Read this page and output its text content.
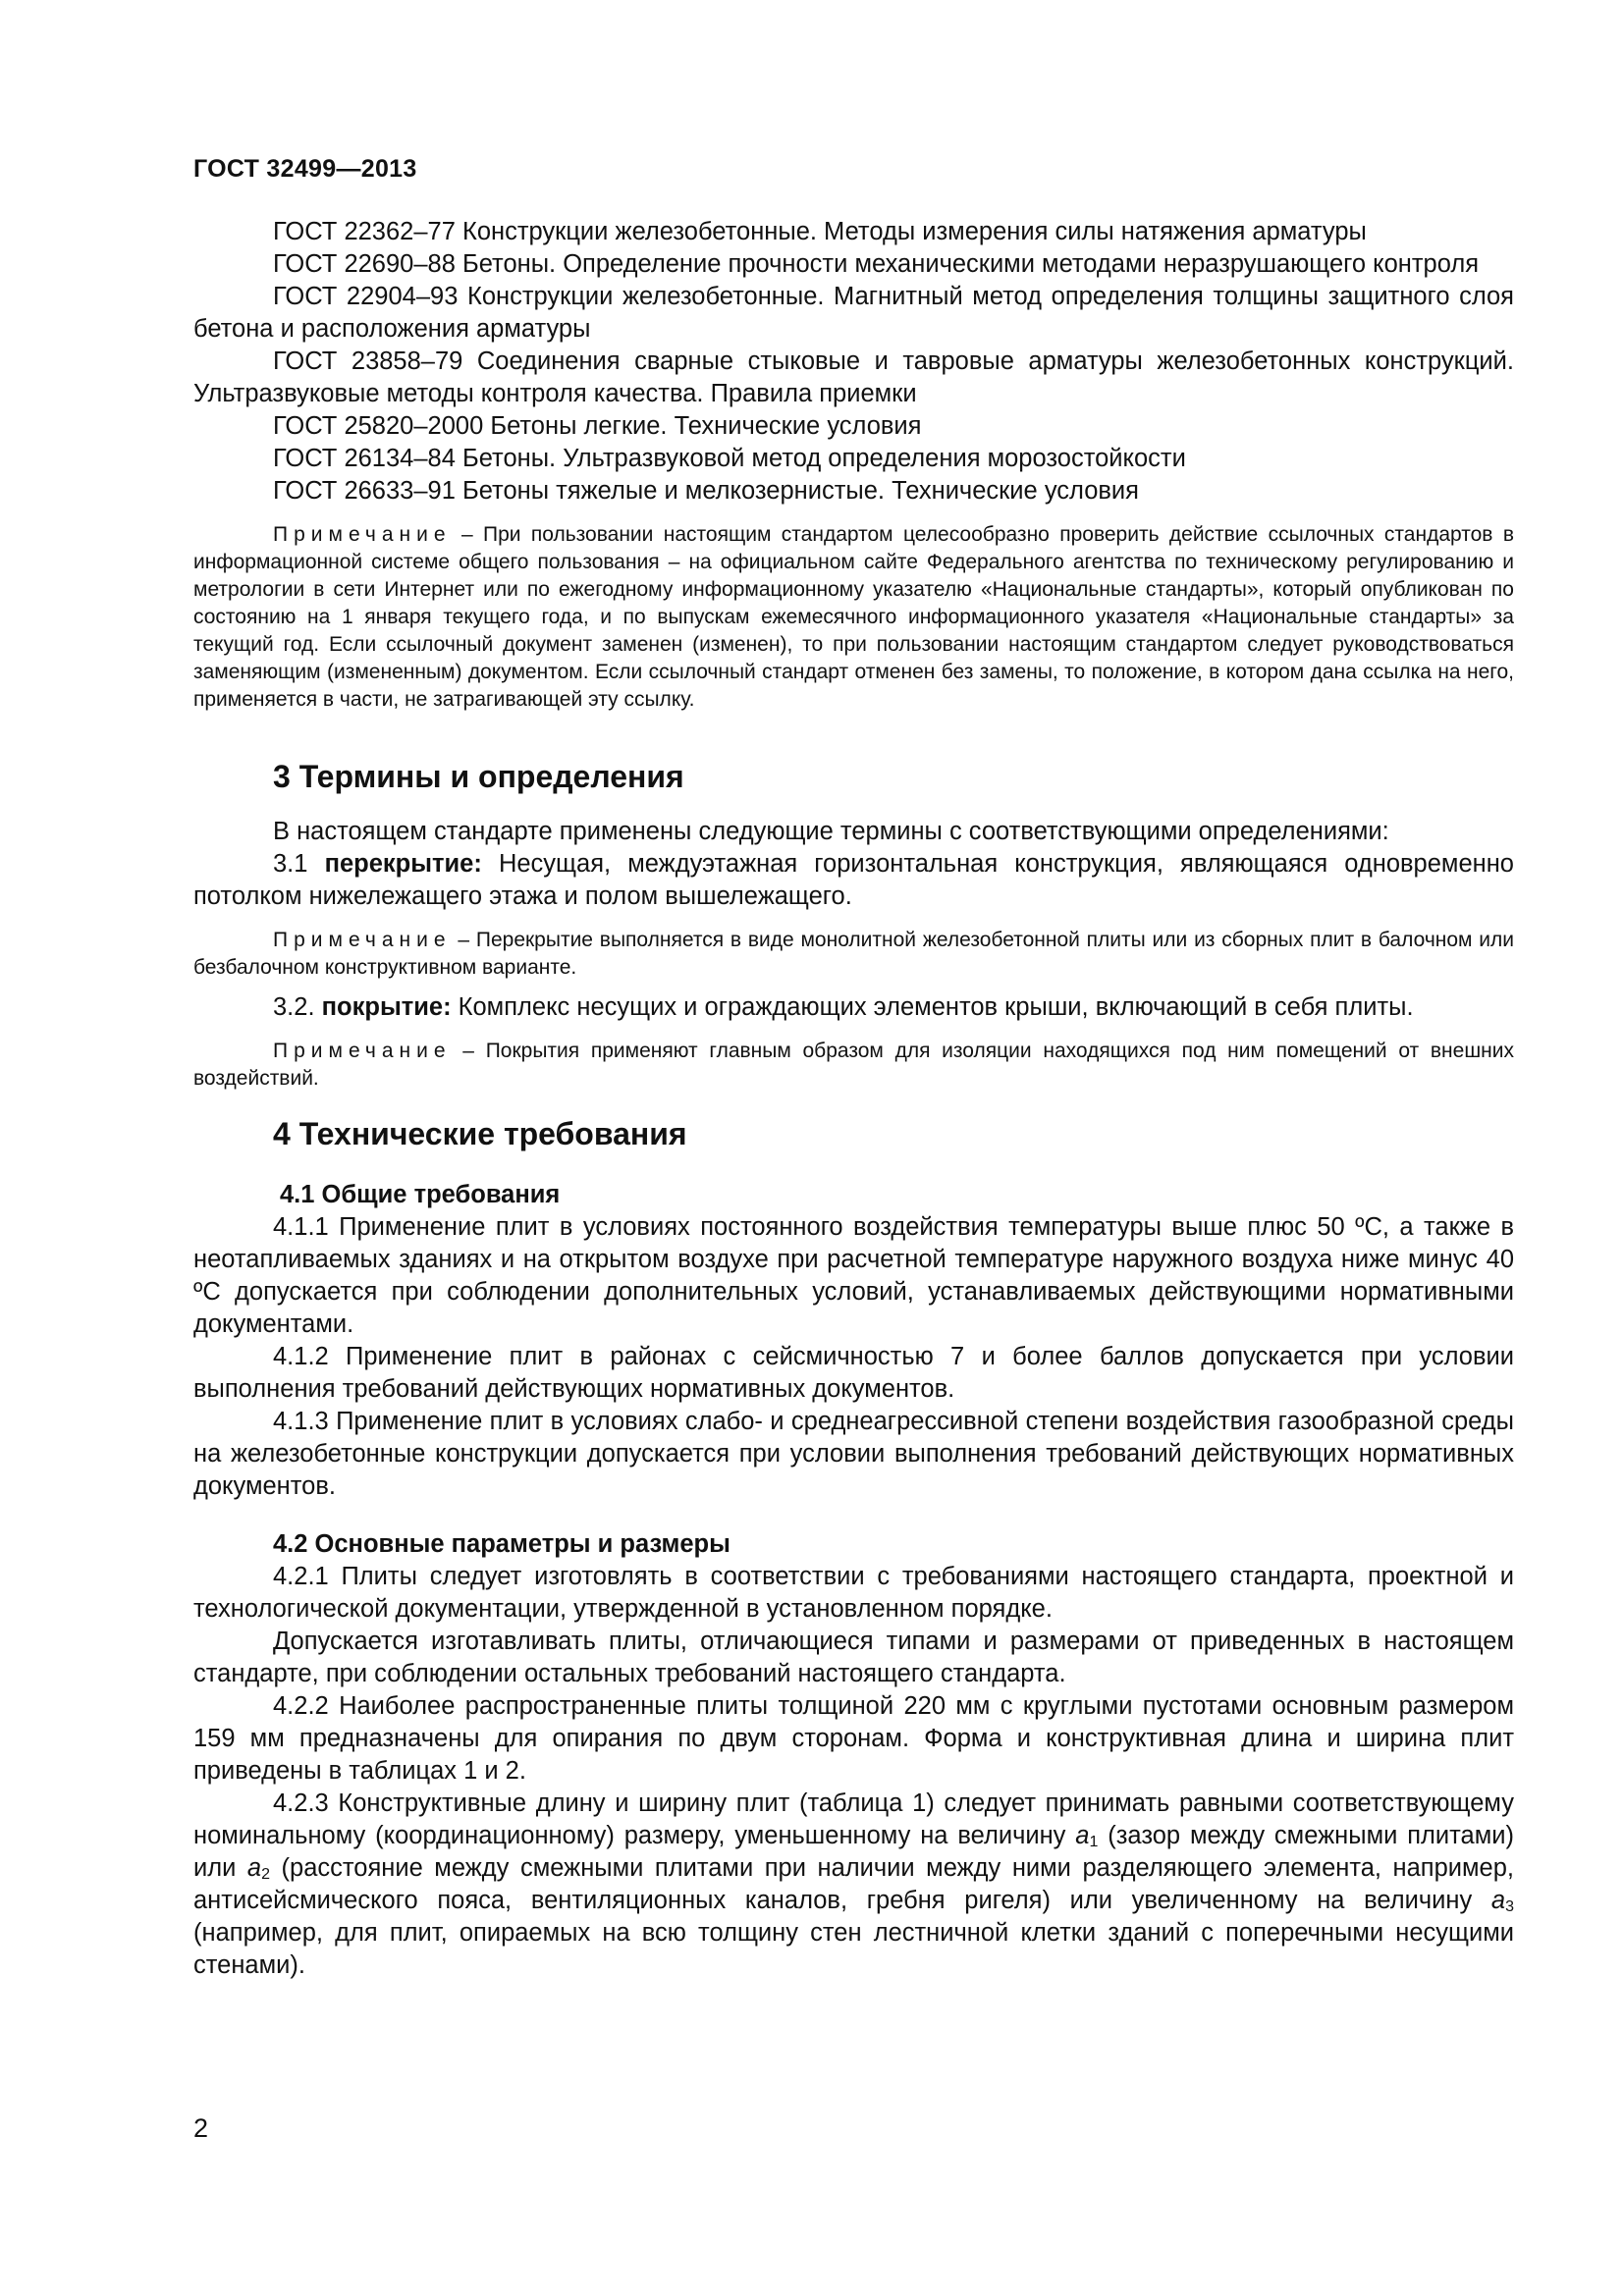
ГОСТ 32499—2013

ГОСТ 22362–77 Конструкции железобетонные. Методы измерения силы натяжения арматуры

ГОСТ 22690–88 Бетоны. Определение прочности механическими методами неразрушающего контроля

ГОСТ 22904–93 Конструкции железобетонные. Магнитный метод определения толщины защитного слоя бетона и расположения арматуры

ГОСТ 23858–79 Соединения сварные стыковые и тавровые арматуры железобетонных конструкций. Ультразвуковые методы контроля качества. Правила приемки

ГОСТ 25820–2000 Бетоны легкие. Технические условия

ГОСТ 26134–84 Бетоны. Ультразвуковой метод определения морозостойкости

ГОСТ 26633–91 Бетоны тяжелые и мелкозернистые. Технические условия

Примечание – При пользовании настоящим стандартом целесообразно проверить действие ссылочных стандартов в информационной системе общего пользования – на официальном сайте Федерального агентства по техническому регулированию и метрологии в сети Интернет или по ежегодному информационному указателю «Национальные стандарты», который опубликован по состоянию на 1 января текущего года, и по выпускам ежемесячного информационного указателя «Национальные стандарты» за текущий год. Если ссылочный документ заменен (изменен), то при пользовании настоящим стандартом следует руководствоваться заменяющим (измененным) документом. Если ссылочный стандарт отменен без замены, то положение, в котором дана ссылка на него, применяется в части, не затрагивающей эту ссылку.

3 Термины и определения

В настоящем стандарте применены следующие термины с соответствующими определениями:

3.1 перекрытие: Несущая, междуэтажная горизонтальная конструкция, являющаяся одновременно потолком нижележащего этажа и полом вышележащего.

Примечание – Перекрытие выполняется в виде монолитной железобетонной плиты или из сборных плит в балочном или безбалочном конструктивном варианте.

3.2. покрытие: Комплекс несущих и ограждающих элементов крыши, включающий в себя плиты.

Примечание – Покрытия применяют главным образом для изоляции находящихся под ним помещений от внешних воздействий.

4 Технические требования
4.1 Общие требования

4.1.1 Применение плит в условиях постоянного воздействия температуры выше плюс 50 ºС, а также в неотапливаемых зданиях и на открытом воздухе при расчетной температуре наружного воздуха ниже минус 40 ºС допускается при соблюдении дополнительных условий, устанавливаемых действующими нормативными документами.

4.1.2 Применение плит в районах с сейсмичностью 7 и более баллов допускается при условии выполнения требований действующих нормативных документов.

4.1.3 Применение плит в условиях слабо- и среднеагрессивной степени воздействия газообразной среды на железобетонные конструкции допускается при условии выполнения требований действующих нормативных документов.

4.2 Основные параметры и размеры

4.2.1 Плиты следует изготовлять в соответствии с требованиями настоящего стандарта, проектной и технологической документации, утвержденной в установленном порядке.

Допускается изготавливать плиты, отличающиеся типами и размерами от приведенных в настоящем стандарте, при соблюдении остальных требований настоящего стандарта.

4.2.2 Наиболее распространенные плиты толщиной 220 мм с круглыми пустотами основным размером 159 мм предназначены для опирания по двум сторонам. Форма и конструктивная длина и ширина плит приведены в таблицах 1 и 2.

4.2.3 Конструктивные длину и ширину плит (таблица 1) следует принимать равными соответствующему номинальному (координационному) размеру, уменьшенному на величину $a_1$ (зазор между смежными плитами) или $a_2$ (расстояние между смежными плитами при наличии между ними разделяющего элемента, например, антисейсмического пояса, вентиляционных каналов, гребня ригеля) или увеличенному на величину $a_3$ (например, для плит, опираемых на всю толщину стен лестничной клетки зданий с поперечными несущими стенами).

2
